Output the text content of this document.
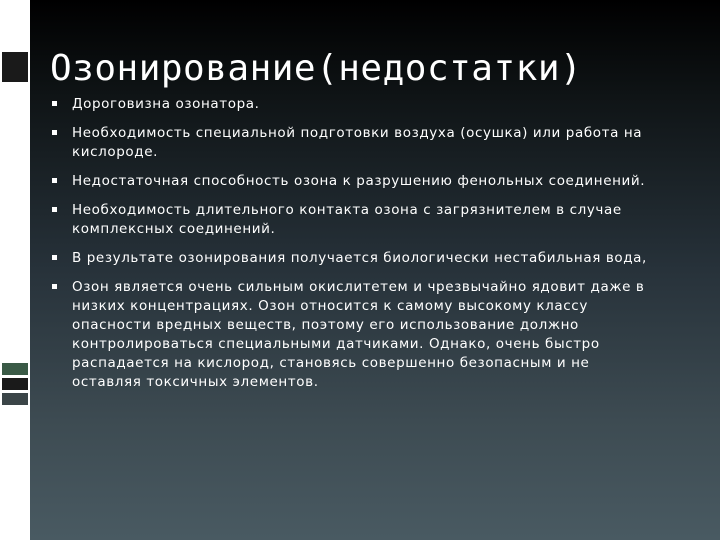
Озонирование(недостатки)
Дороговизна озонатора.
Необходимость специальной подготовки воздуха (осушка) или работа на кислороде.
Недостаточная способность озона к разрушению фенольных соединений.
Необходимость длительного контакта озона с загрязнителем в случае комплексных соединений.
В результате озонирования получается биологически нестабильная вода,
Озон является очень сильным окислитетем и чрезвычайно ядовит даже в низких концентрациях. Озон относится к самому высокому классу опасности вредных веществ, поэтому его использование должно контролироваться специальными датчиками. Однако, очень быстро распадается на кислород, становясь совершенно безопасным и не оставляя токсичных элементов.
